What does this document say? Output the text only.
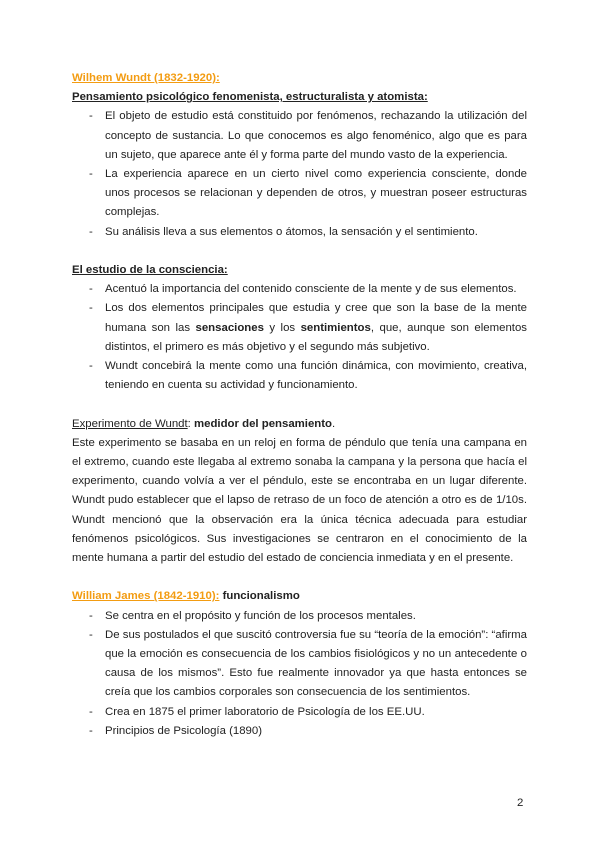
Wilhem Wundt (1832-1920):
Pensamiento psicológico fenomenista, estructuralista y atomista:
- El objeto de estudio está constituido por fenómenos, rechazando la utilización del concepto de sustancia. Lo que conocemos es algo fenoménico, algo que es para un sujeto, que aparece ante él y forma parte del mundo vasto de la experiencia.
- La experiencia aparece en un cierto nivel como experiencia consciente, donde unos procesos se relacionan y dependen de otros, y muestran poseer estructuras complejas.
- Su análisis lleva a sus elementos o átomos, la sensación y el sentimiento.
El estudio de la consciencia:
- Acentuó la importancia del contenido consciente de la mente y de sus elementos.
- Los dos elementos principales que estudia y cree que son la base de la mente humana son las sensaciones y los sentimientos, que, aunque son elementos distintos, el primero es más objetivo y el segundo más subjetivo.
- Wundt concebirá la mente como una función dinámica, con movimiento, creativa, teniendo en cuenta su actividad y funcionamiento.
Experimento de Wundt: medidor del pensamiento.

Este experimento se basaba en un reloj en forma de péndulo que tenía una campana en el extremo, cuando este llegaba al extremo sonaba la campana y la persona que hacía el experimento, cuando volvía a ver el péndulo, este se encontraba en un lugar diferente. Wundt pudo establecer que el lapso de retraso de un foco de atención a otro es de 1/10s. Wundt mencionó que la observación era la única técnica adecuada para estudiar fenómenos psicológicos. Sus investigaciones se centraron en el conocimiento de la mente humana a partir del estudio del estado de conciencia inmediata y en el presente.

William James (1842-1910): funcionalismo
- Se centra en el propósito y función de los procesos mentales.
- De sus postulados el que suscitó controversia fue su “teoría de la emoción”: “afirma que la emoción es consecuencia de los cambios fisiológicos y no un antecedente o causa de los mismos”. Esto fue realmente innovador ya que hasta entonces se creía que los cambios corporales son consecuencia de los sentimientos.
- Crea en 1875 el primer laboratorio de Psicología de los EE.UU.
- Principios de Psicología (1890)
2
